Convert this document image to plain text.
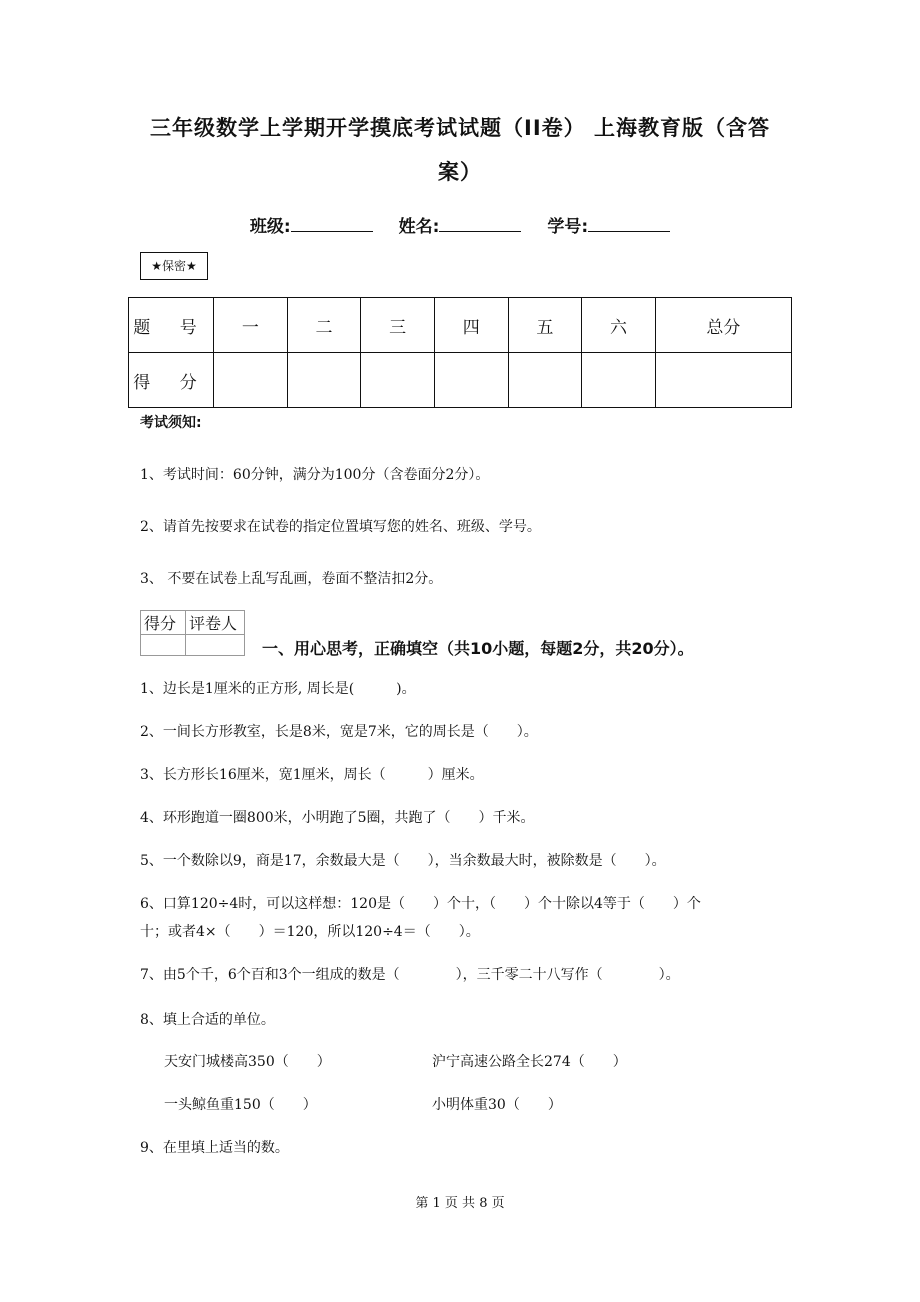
三年级数学上学期开学摸底考试试题（II卷） 上海教育版（含答
案）
班级:	姓名:	学号:
★保密★
题 号	一	二	三	四	五	六	总分
得 分							
考试须知:
1、考试时间：60分钟，满分为100分（含卷面分2分）。
2、请首先按要求在试卷的指定位置填写您的姓名、班级、学号。
3、 不要在试卷上乱写乱画，卷面不整洁扣2分。
得分	评卷人

一、用心思考，正确填空（共10小题，每题2分，共20分）。
1、边长是1厘米的正方形, 周长是(　　　)。
2、一间长方形教室，长是8米，宽是7米，它的周长是（　　）。
3、长方形长16厘米，宽1厘米，周长（　　　）厘米。
4、环形跑道一圈800米，小明跑了5圈，共跑了（　　）千米。
5、一个数除以9，商是17，余数最大是（　　），当余数最大时，被除数是（　　）。
6、口算120÷4时，可以这样想：120是（　　）个十，（　　）个十除以4等于（　　）个
十；或者4×（　　）＝120，所以120÷4＝（　　）。
7、由5个千，6个百和3个一组成的数是（　　　　），三千零二十八写作（　　　　）。
8、填上合适的单位。
天安门城楼高350（　　）	沪宁高速公路全长274（　　）
一头鲸鱼重150（　　）	小明体重30（　　）
9、在里填上适当的数。
第 1 页 共 8 页
